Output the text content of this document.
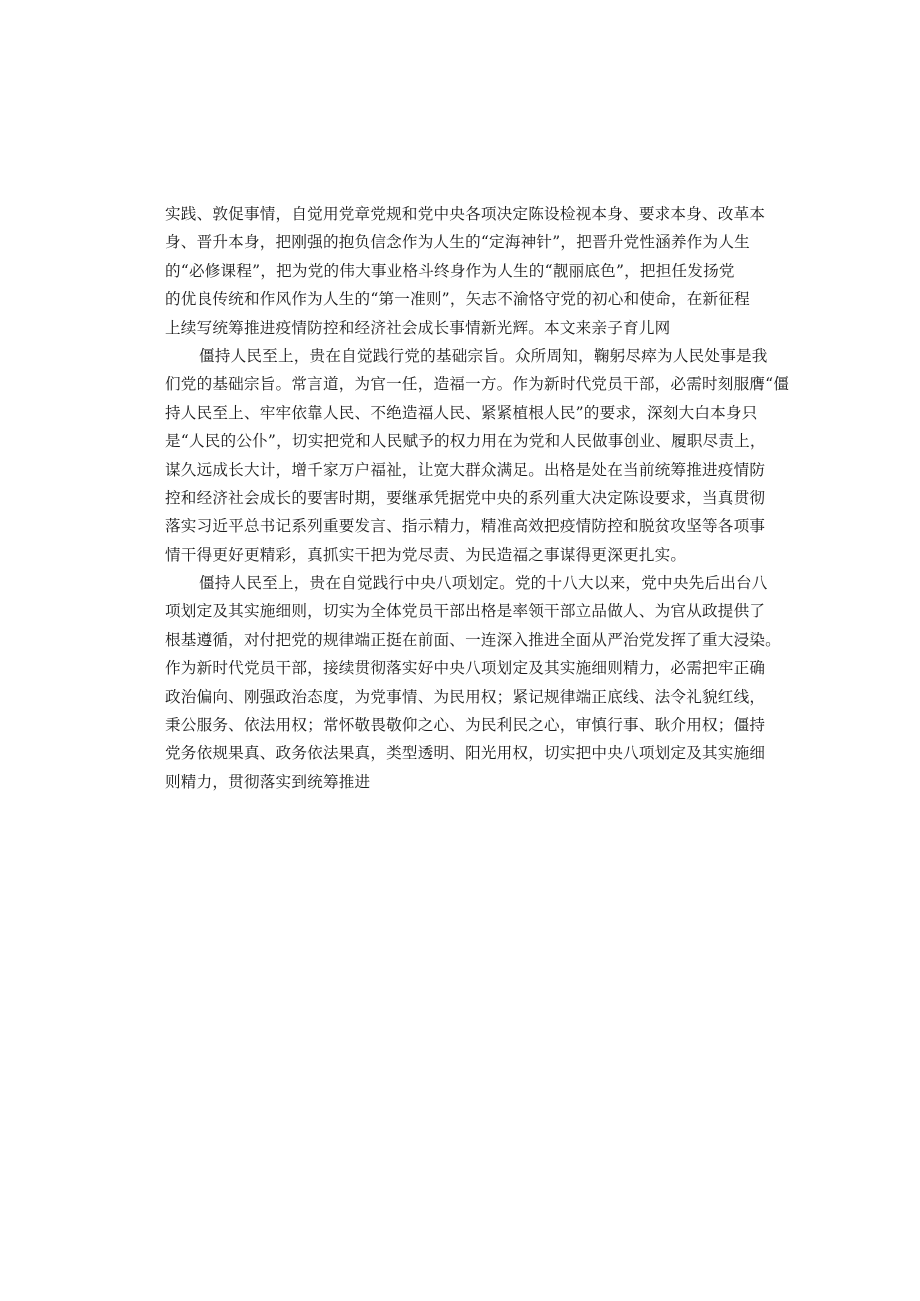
实践、敦促事情，自觉用党章党规和党中央各项决定陈设检视本身、要求本身、改革本
身、晋升本身，把刚强的抱负信念作为人生的“定海神针”，把晋升党性涵养作为人生
的“必修课程”，把为党的伟大事业格斗终身作为人生的“靓丽底色”，把担任发扬党
的优良传统和作风作为人生的“第一准则”，矢志不渝恪守党的初心和使命，在新征程
上续写统筹推进疫情防控和经济社会成长事情新光辉。本文来亲子育儿网
僵持人民至上，贵在自觉践行党的基础宗旨。众所周知，鞠躬尽瘁为人民处事是我
们党的基础宗旨。常言道，为官一任，造福一方。作为新时代党员干部，必需时刻服膺“僵
持人民至上、牢牢依靠人民、不绝造福人民、紧紧植根人民”的要求，深刻大白本身只
是“人民的公仆”，切实把党和人民赋予的权力用在为党和人民做事创业、履职尽责上，
谋久远成长大计，增千家万户福祉，让宽大群众满足。出格是处在当前统筹推进疫情防
控和经济社会成长的要害时期，要继承凭据党中央的系列重大决定陈设要求，当真贯彻
落实习近平总书记系列重要发言、指示精力，精准高效把疫情防控和脱贫攻坚等各项事
情干得更好更精彩，真抓实干把为党尽责、为民造福之事谋得更深更扎实。
僵持人民至上，贵在自觉践行中央八项划定。党的十八大以来，党中央先后出台八
项划定及其实施细则，切实为全体党员干部出格是率领干部立品做人、为官从政提供了
根基遵循，对付把党的规律端正挺在前面、一连深入推进全面从严治党发挥了重大浸染。
作为新时代党员干部，接续贯彻落实好中央八项划定及其实施细则精力，必需把牢正确
政治偏向、刚强政治态度，为党事情、为民用权；紧记规律端正底线、法令礼貌红线，
秉公服务、依法用权；常怀敬畏敬仰之心、为民利民之心，审慎行事、耿介用权；僵持
党务依规果真、政务依法果真，类型透明、阳光用权，切实把中央八项划定及其实施细
则精力，贯彻落实到统筹推进
